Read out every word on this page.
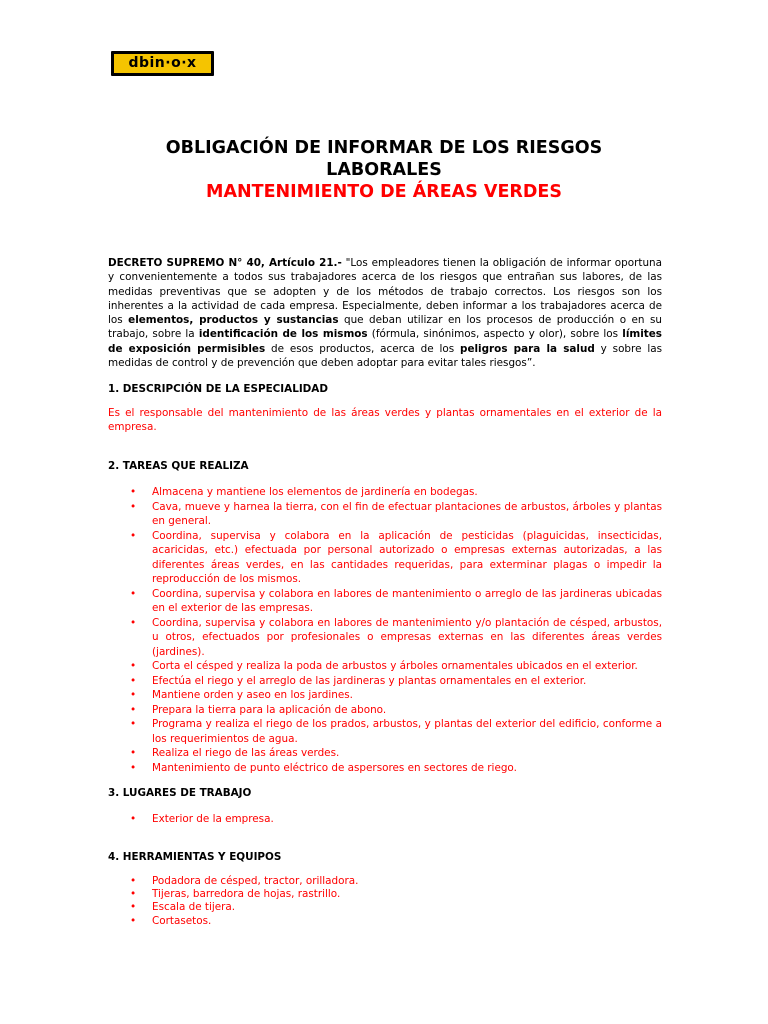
dbin·o·x
OBLIGACIÓN DE INFORMAR DE LOS RIESGOS
LABORALES
MANTENIMIENTO DE ÁREAS VERDES
DECRETO SUPREMO N° 40, Artículo 21.- "Los empleadores tienen la obligación de informar oportuna y convenientemente a todos sus trabajadores acerca de los riesgos que entrañan sus labores, de las medidas preventivas que se adopten y de los métodos de trabajo correctos. Los riesgos son los inherentes a la actividad de cada empresa. Especialmente, deben informar a los trabajadores acerca de los elementos, productos y sustancias que deban utilizar en los procesos de producción o en su trabajo, sobre la identificación de los mismos (fórmula, sinónimos, aspecto y olor), sobre los límites de exposición permisibles de esos productos, acerca de los peligros para la salud y sobre las medidas de control y de prevención que deben adoptar para evitar tales riesgos”.
1. DESCRIPCIÓN DE LA ESPECIALIDAD
Es el responsable del mantenimiento de las áreas verdes y plantas ornamentales en el exterior de la empresa.
2. TAREAS QUE REALIZA
• Almacena y mantiene los elementos de jardinería en bodegas.
• Cava, mueve y harnea la tierra, con el fin de efectuar plantaciones de arbustos, árboles y plantas en general.
• Coordina, supervisa y colabora en la aplicación de pesticidas (plaguicidas, insecticidas, acaricidas, etc.) efectuada por personal autorizado o empresas externas autorizadas, a las diferentes áreas verdes, en las cantidades requeridas, para exterminar plagas o impedir la reproducción de los mismos.
• Coordina, supervisa y colabora en labores de mantenimiento o arreglo de las jardineras ubicadas en el exterior de las empresas.
• Coordina, supervisa y colabora en labores de mantenimiento y/o plantación de césped, arbustos, u otros, efectuados por profesionales o empresas externas en las diferentes áreas verdes (jardines).
• Corta el césped y realiza la poda de arbustos y árboles ornamentales ubicados en el exterior.
• Efectúa el riego y el arreglo de las jardineras y plantas ornamentales en el exterior.
• Mantiene orden y aseo en los jardines.
• Prepara la tierra para la aplicación de abono.
• Programa y realiza el riego de los prados, arbustos, y plantas del exterior del edificio, conforme a los requerimientos de agua.
• Realiza el riego de las áreas verdes.
• Mantenimiento de punto eléctrico de aspersores en sectores de riego.
3. LUGARES DE TRABAJO
• Exterior de la empresa.
4. HERRAMIENTAS Y EQUIPOS
• Podadora de césped, tractor, orilladora.
• Tijeras, barredora de hojas, rastrillo.
• Escala de tijera.
• Cortasetos.
